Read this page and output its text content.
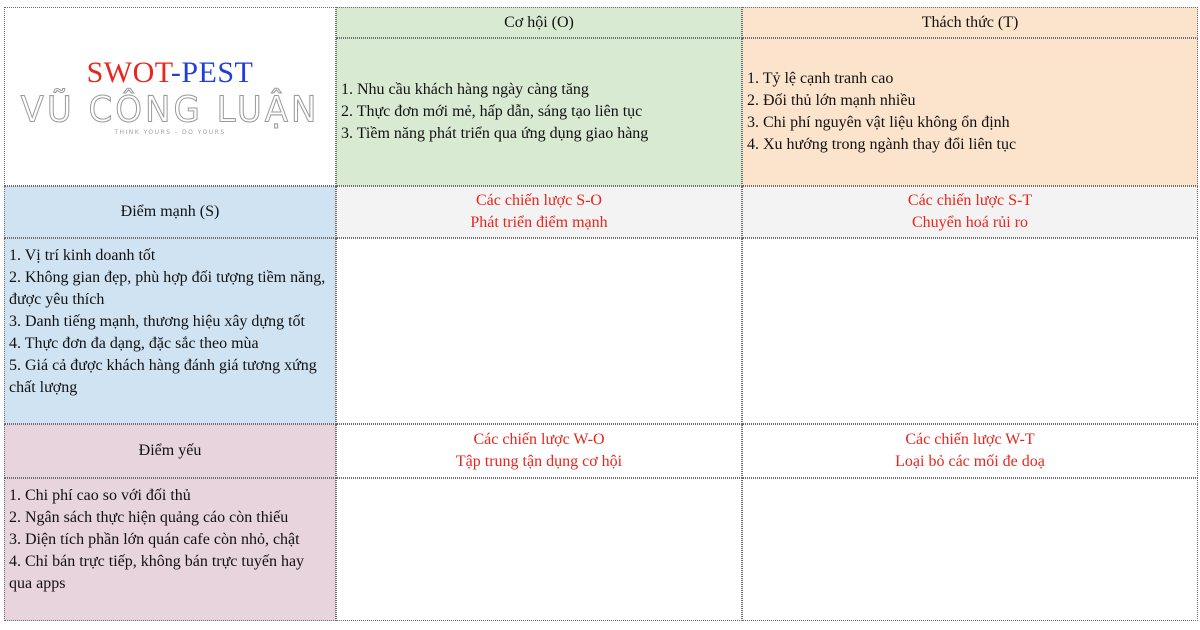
SWOT-PEST
VŨ CÔNG LUẬN
THINK YOURS - DO YOURS
Cơ hội (O)	Thách thức (T)
1. Nhu cầu khách hàng ngày càng tăng
2. Thực đơn mới mẻ, hấp dẫn, sáng tạo liên tục
3. Tiềm năng phát triển qua ứng dụng giao hàng
1. Tỷ lệ cạnh tranh cao
2. Đối thủ lớn mạnh nhiều
3. Chi phí nguyên vật liệu không ổn định
4. Xu hướng trong ngành thay đổi liên tục
Điểm mạnh (S)
Các chiến lược S-O
Phát triển điểm mạnh
Các chiến lược S-T
Chuyển hoá rủi ro
1. Vị trí kinh doanh tốt
2. Không gian đẹp, phù hợp đối tượng tiềm năng, được yêu thích
3. Danh tiếng mạnh, thương hiệu xây dựng tốt
4. Thực đơn đa dạng, đặc sắc theo mùa
5. Giá cả được khách hàng đánh giá tương xứng chất lượng
Điểm yếu
Các chiến lược W-O
Tập trung tận dụng cơ hội
Các chiến lược W-T
Loại bỏ các mối đe doạ
1. Chi phí cao so với đối thủ
2. Ngân sách thực hiện quảng cáo còn thiếu
3. Diện tích phần lớn quán cafe còn nhỏ, chật
4. Chỉ bán trực tiếp, không bán trực tuyến hay qua apps
